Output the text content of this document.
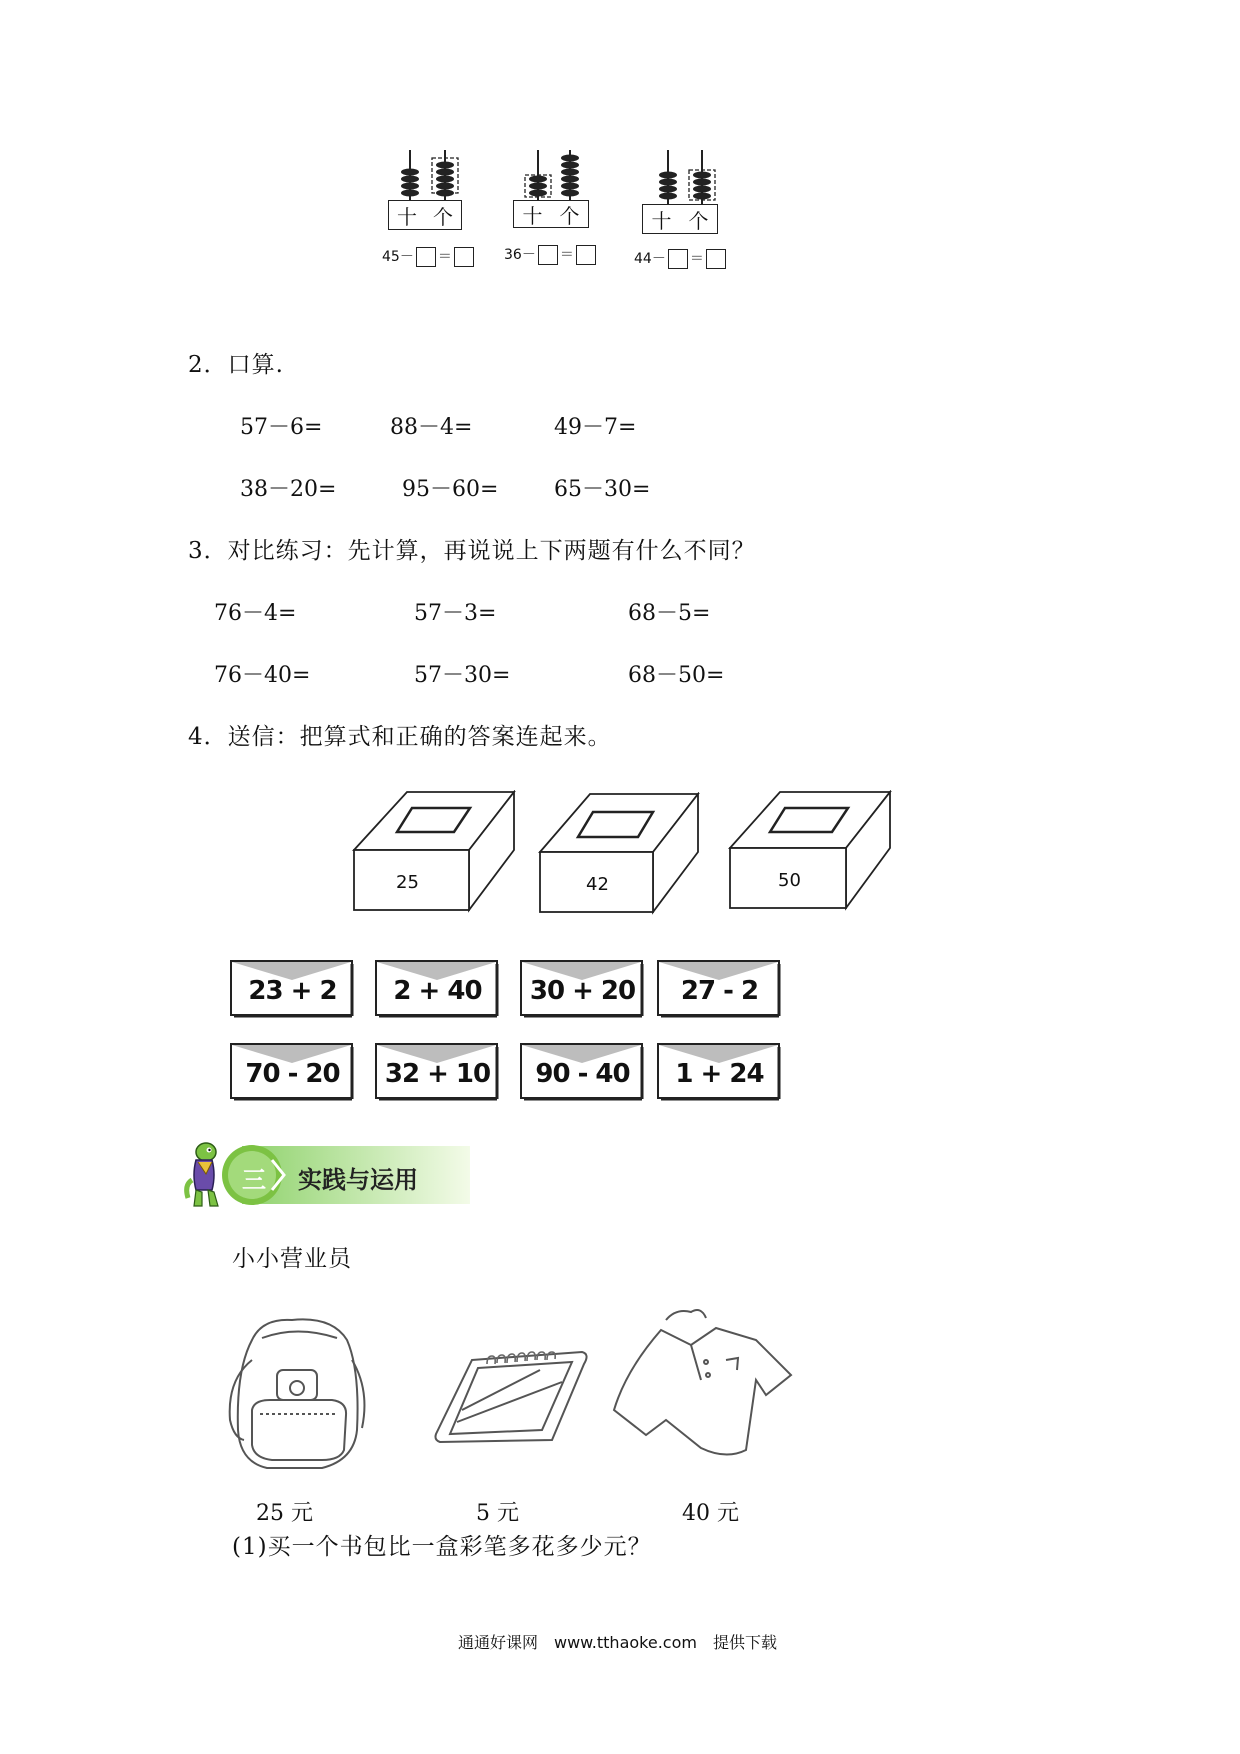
十 个
45－ ＝
十 个
36－ ＝
十 个
44－ ＝
2．口算.
57－6=	88－4=	49－7=
38－20=	95－60=	65－30=
3．对比练习：先计算，再说说上下两题有什么不同？
76－4=	57－3=	68－5=
76－40=	57－30=	68－50=
4．送信：把算式和正确的答案连起来。
25	42	50
23 + 2	2 + 40	30 + 20	27 - 2
70 - 20	32 + 10	90 - 40	1 + 24
三 实践与运用
小小营业员
25 元	5 元	40 元
(1)买一个书包比一盒彩笔多花多少元？
通通好课网　www.tthaoke.com　提供下载
